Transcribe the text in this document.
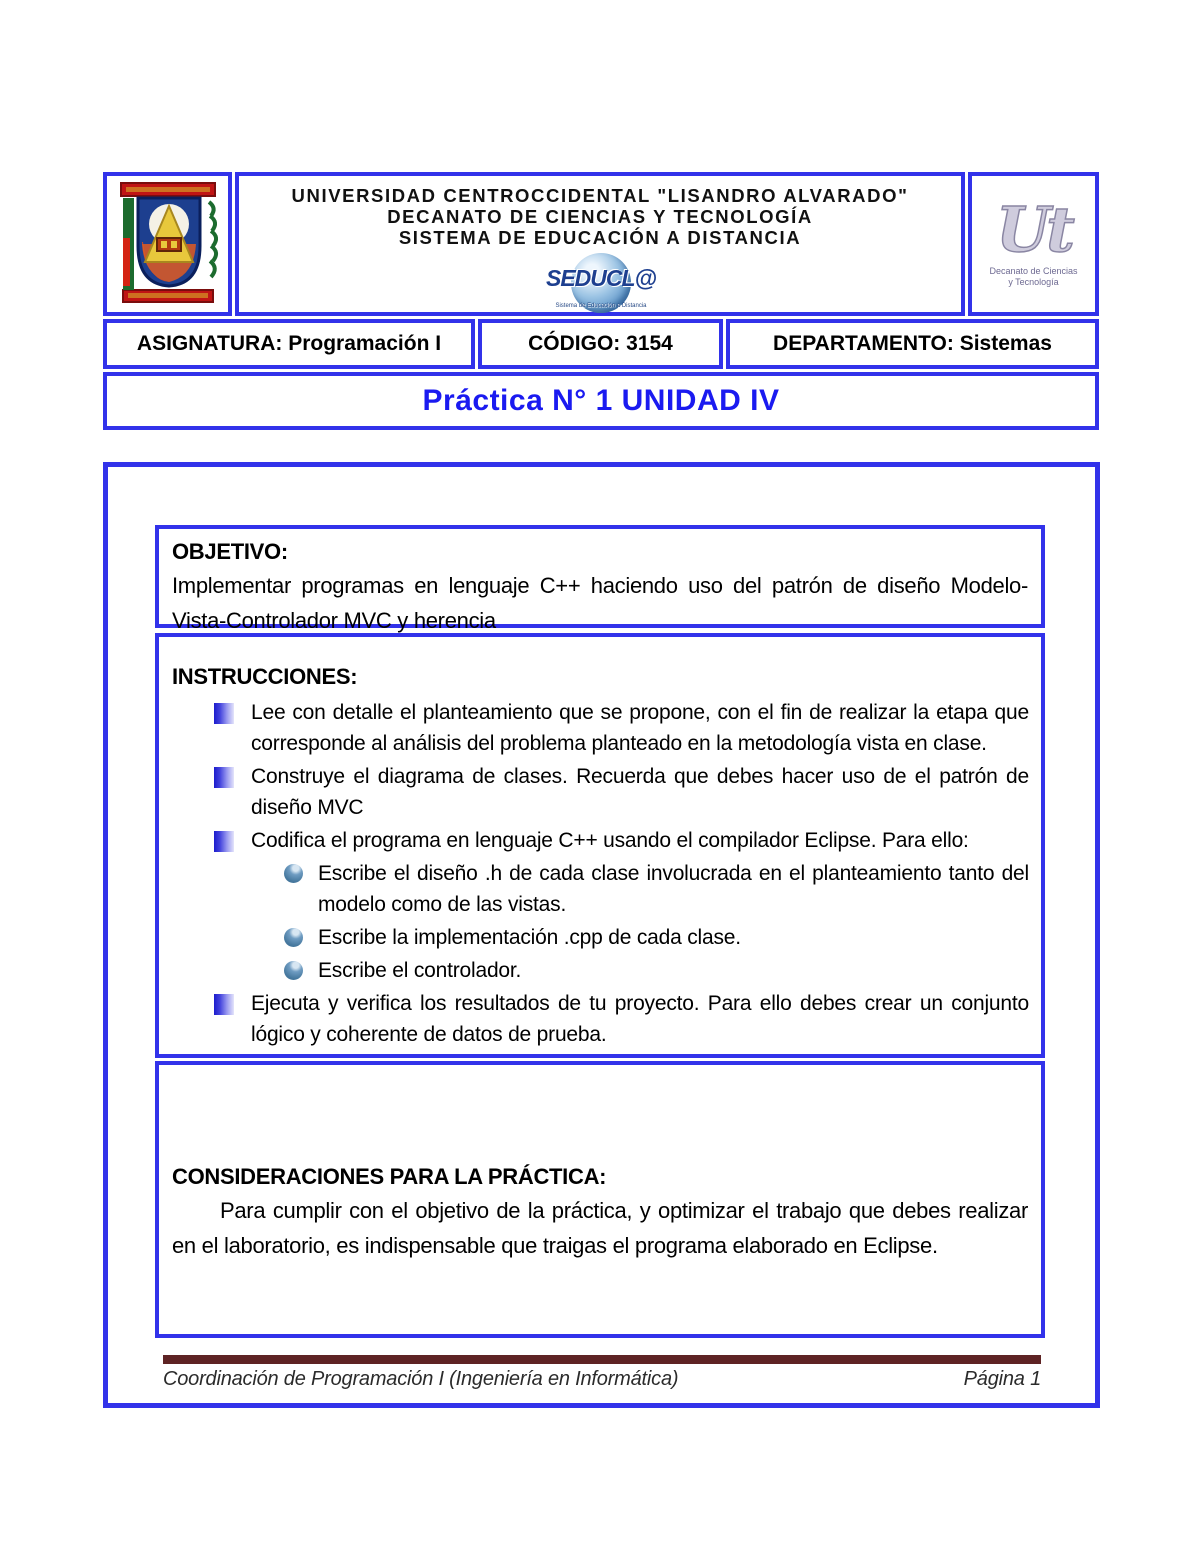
UNIVERSIDAD CENTROCCIDENTAL "LISANDRO ALVARADO"
DECANATO DE CIENCIAS Y TECNOLOGÍA
SISTEMA DE EDUCACIÓN A DISTANCIA
SEDUCL@
Sistema de Educación a Distancia
Ut
Decanato de Ciencias
y Tecnología
ASIGNATURA: Programación I	CÓDIGO: 3154	DEPARTAMENTO: Sistemas
Práctica N° 1 UNIDAD IV
OBJETIVO:
Implementar programas en lenguaje C++ haciendo uso del patrón de diseño Modelo-Vista-Controlador MVC y herencia
INSTRUCCIONES:
Lee con detalle el planteamiento que se propone, con el fin de realizar la etapa que corresponde al análisis del problema planteado en la metodología vista en clase.
Construye el diagrama de clases. Recuerda que debes hacer uso de el patrón de diseño MVC
Codifica el programa en lenguaje C++ usando el compilador Eclipse. Para ello:
Escribe el diseño .h de cada clase involucrada en el planteamiento tanto del modelo como de las vistas.
Escribe la implementación .cpp de cada clase.
Escribe el controlador.
Ejecuta y verifica los resultados de tu proyecto. Para ello debes crear un conjunto lógico y coherente de datos de prueba.
CONSIDERACIONES PARA LA PRÁCTICA:
Para cumplir con el objetivo de la práctica, y optimizar el trabajo que debes realizar en el laboratorio, es indispensable que traigas el programa elaborado en Eclipse.
Coordinación de Programación I (Ingeniería en Informática)	Página 1
